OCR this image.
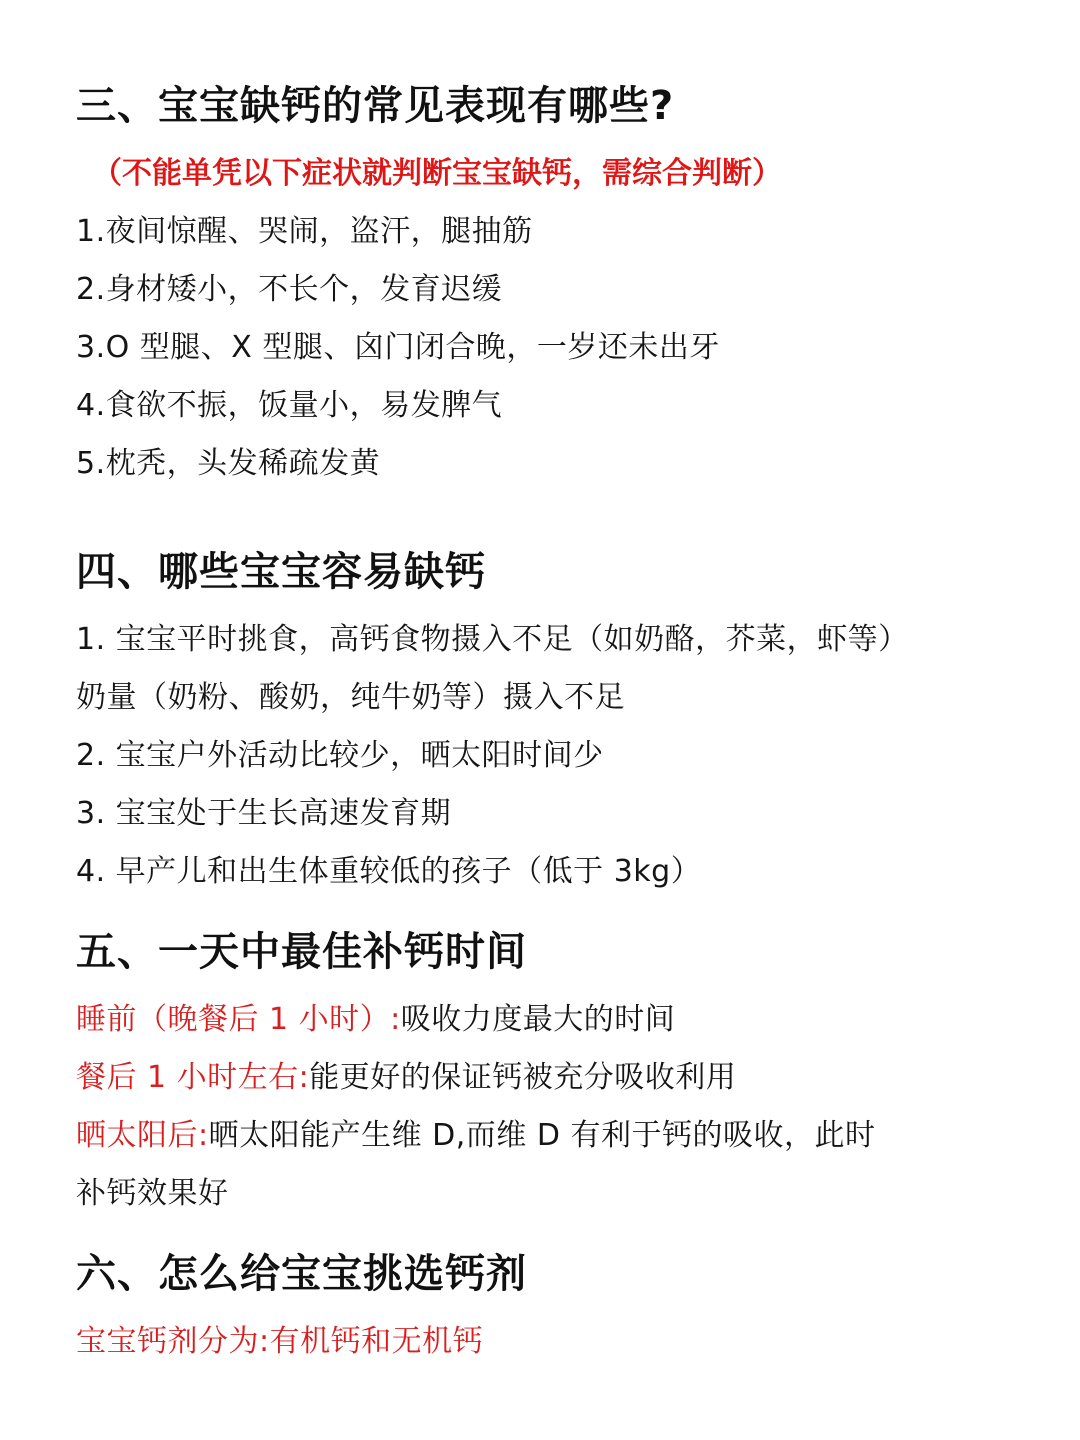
三、宝宝缺钙的常见表现有哪些?
（不能单凭以下症状就判断宝宝缺钙，需综合判断）
1.夜间惊醒、哭闹，盗汗，腿抽筋
2.身材矮小，不长个，发育迟缓
3.O 型腿、X 型腿、囟门闭合晚，一岁还未出牙
4.食欲不振，饭量小，易发脾气
5.枕秃，头发稀疏发黄
四、哪些宝宝容易缺钙
1. 宝宝平时挑食，高钙食物摄入不足（如奶酪，芥菜，虾等）
奶量（奶粉、酸奶，纯牛奶等）摄入不足
2. 宝宝户外活动比较少，晒太阳时间少
3. 宝宝处于生长高速发育期
4. 早产儿和出生体重较低的孩子（低于 3kg）
五、一天中最佳补钙时间
睡前（晚餐后 1 小时）:吸收力度最大的时间
餐后 1 小时左右:能更好的保证钙被充分吸收利用
晒太阳后:晒太阳能产生维 D,而维 D 有利于钙的吸收，此时
补钙效果好
六、怎么给宝宝挑选钙剂
宝宝钙剂分为:有机钙和无机钙
